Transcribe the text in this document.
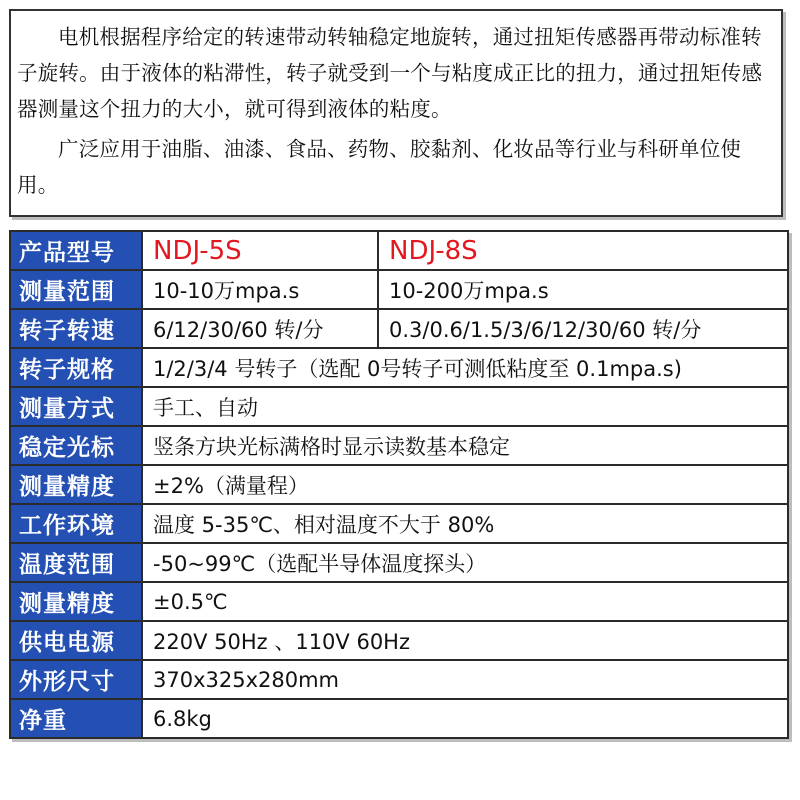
电机根据程序给定的转速带动转轴稳定地旋转，通过扭矩传感器再带动标准转子旋转。由于液体的粘滞性，转子就受到一个与粘度成正比的扭力，通过扭矩传感器测量这个扭力的大小，就可得到液体的粘度。

广泛应用于油脂、油漆、食品、药物、胶黏剂、化妆品等行业与科研单位使用。

产品型号	NDJ-5S	NDJ-8S
测量范围	10-10万mpa.s	10-200万mpa.s
转子转速	6/12/30/60 转/分	0.3/0.6/1.5/3/6/12/30/60 转/分
转子规格	1/2/3/4 号转子（选配 0号转子可测低粘度至 0.1mpa.s)	
测量方式	手工、自动	
稳定光标	竖条方块光标满格时显示读数基本稳定	
测量精度	±2%（满量程）	
工作环境	温度 5-35℃、相对温度不大于 80%	
温度范围	-50~99℃（选配半导体温度探头）	
测量精度	±0.5℃	
供电电源	220V 50Hz 、110V 60Hz	
外形尺寸	370x325x280mm	
净重	6.8kg	
